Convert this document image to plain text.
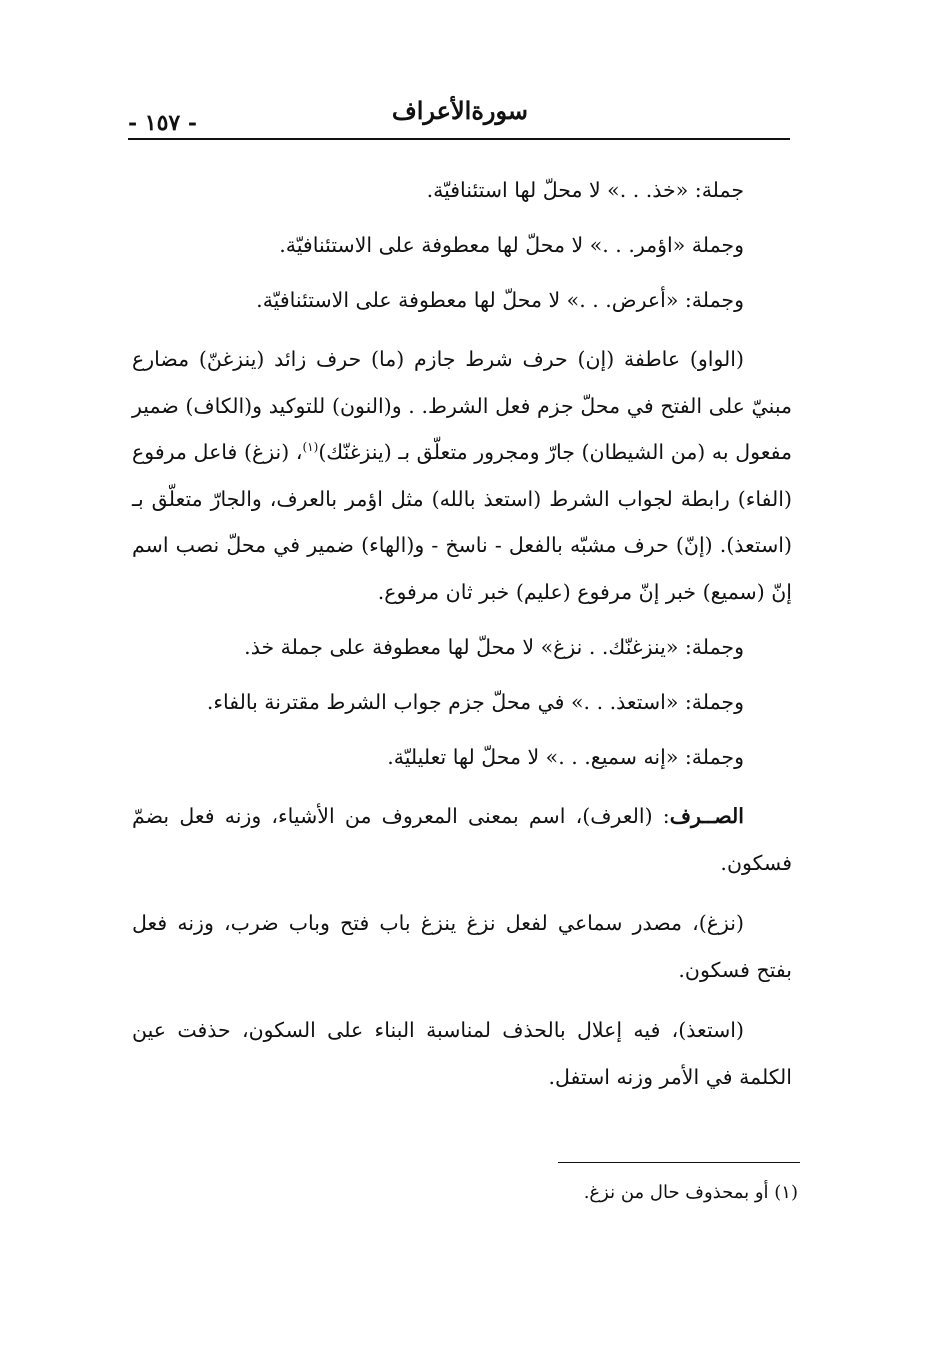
سورةالأعراف
- ١٥٧ -

جملة: «خذ. . .» لا محلّ لها استئنافيّة.

وجملة «اؤمر. . .» لا محلّ لها معطوفة على الاستئنافيّة.

وجملة: «أعرض. . .» لا محلّ لها معطوفة على الاستئنافيّة.

(الواو) عاطفة (إن) حرف شرط جازم (ما) حرف زائد (ينزغنّ) مضارع مبنيّ على الفتح في محلّ جزم فعل الشرط. . و(النون) للتوكيد و(الكاف) ضمير مفعول به (من الشيطان) جارّ ومجرور متعلّق بـ (ينزغنّك)$^{(١)}$، (نزغ) فاعل مرفوع (الفاء) رابطة لجواب الشرط (استعذ بالله) مثل اؤمر بالعرف، والجارّ متعلّق بـ (استعذ). (إنّ) حرف مشبّه بالفعل - ناسخ - و(الهاء) ضمير في محلّ نصب اسم إنّ (سميع) خبر إنّ مرفوع (عليم) خبر ثان مرفوع.

وجملة: «ينزغنّك. . نزغ» لا محلّ لها معطوفة على جملة خذ.

وجملة: «استعذ. . .» في محلّ جزم جواب الشرط مقترنة بالفاء.

وجملة: «إنه سميع. . .» لا محلّ لها تعليليّة.

الصــرف: (العرف)، اسم بمعنى المعروف من الأشياء، وزنه فعل بضمّ فسكون.

(نزغ)، مصدر سماعي لفعل نزغ ينزغ باب فتح وباب ضرب، وزنه فعل بفتح فسكون.

(استعذ)، فيه إعلال بالحذف لمناسبة البناء على السكون، حذفت عين الكلمة في الأمر وزنه استفل.

(١) أو بمحذوف حال من نزغ.
